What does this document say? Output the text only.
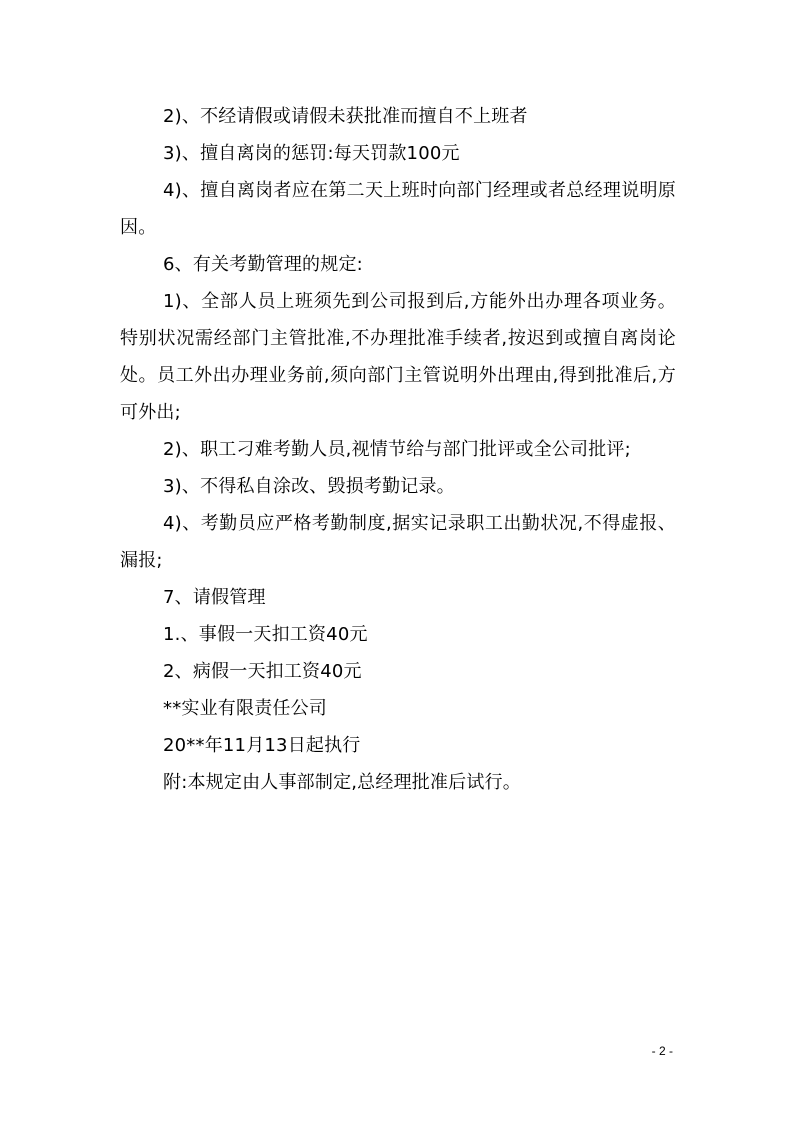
2)、不经请假或请假未获批准而擅自不上班者

3)、擅自离岗的惩罚:每天罚款100元

4)、擅自离岗者应在第二天上班时向部门经理或者总经理说明原因。

6、有关考勤管理的规定:

1)、全部人员上班须先到公司报到后,方能外出办理各项业务。特别状况需经部门主管批准,不办理批准手续者,按迟到或擅自离岗论处。员工外出办理业务前,须向部门主管说明外出理由,得到批准后,方可外出;

2)、职工刁难考勤人员,视情节给与部门批评或全公司批评;

3)、不得私自涂改、毁损考勤记录。

4)、考勤员应严格考勤制度,据实记录职工出勤状况,不得虚报、漏报;

7、请假管理

1.、事假一天扣工资40元

2、病假一天扣工资40元

**实业有限责任公司

20**年11月13日起执行

附:本规定由人事部制定,总经理批准后试行。

- 2 -
